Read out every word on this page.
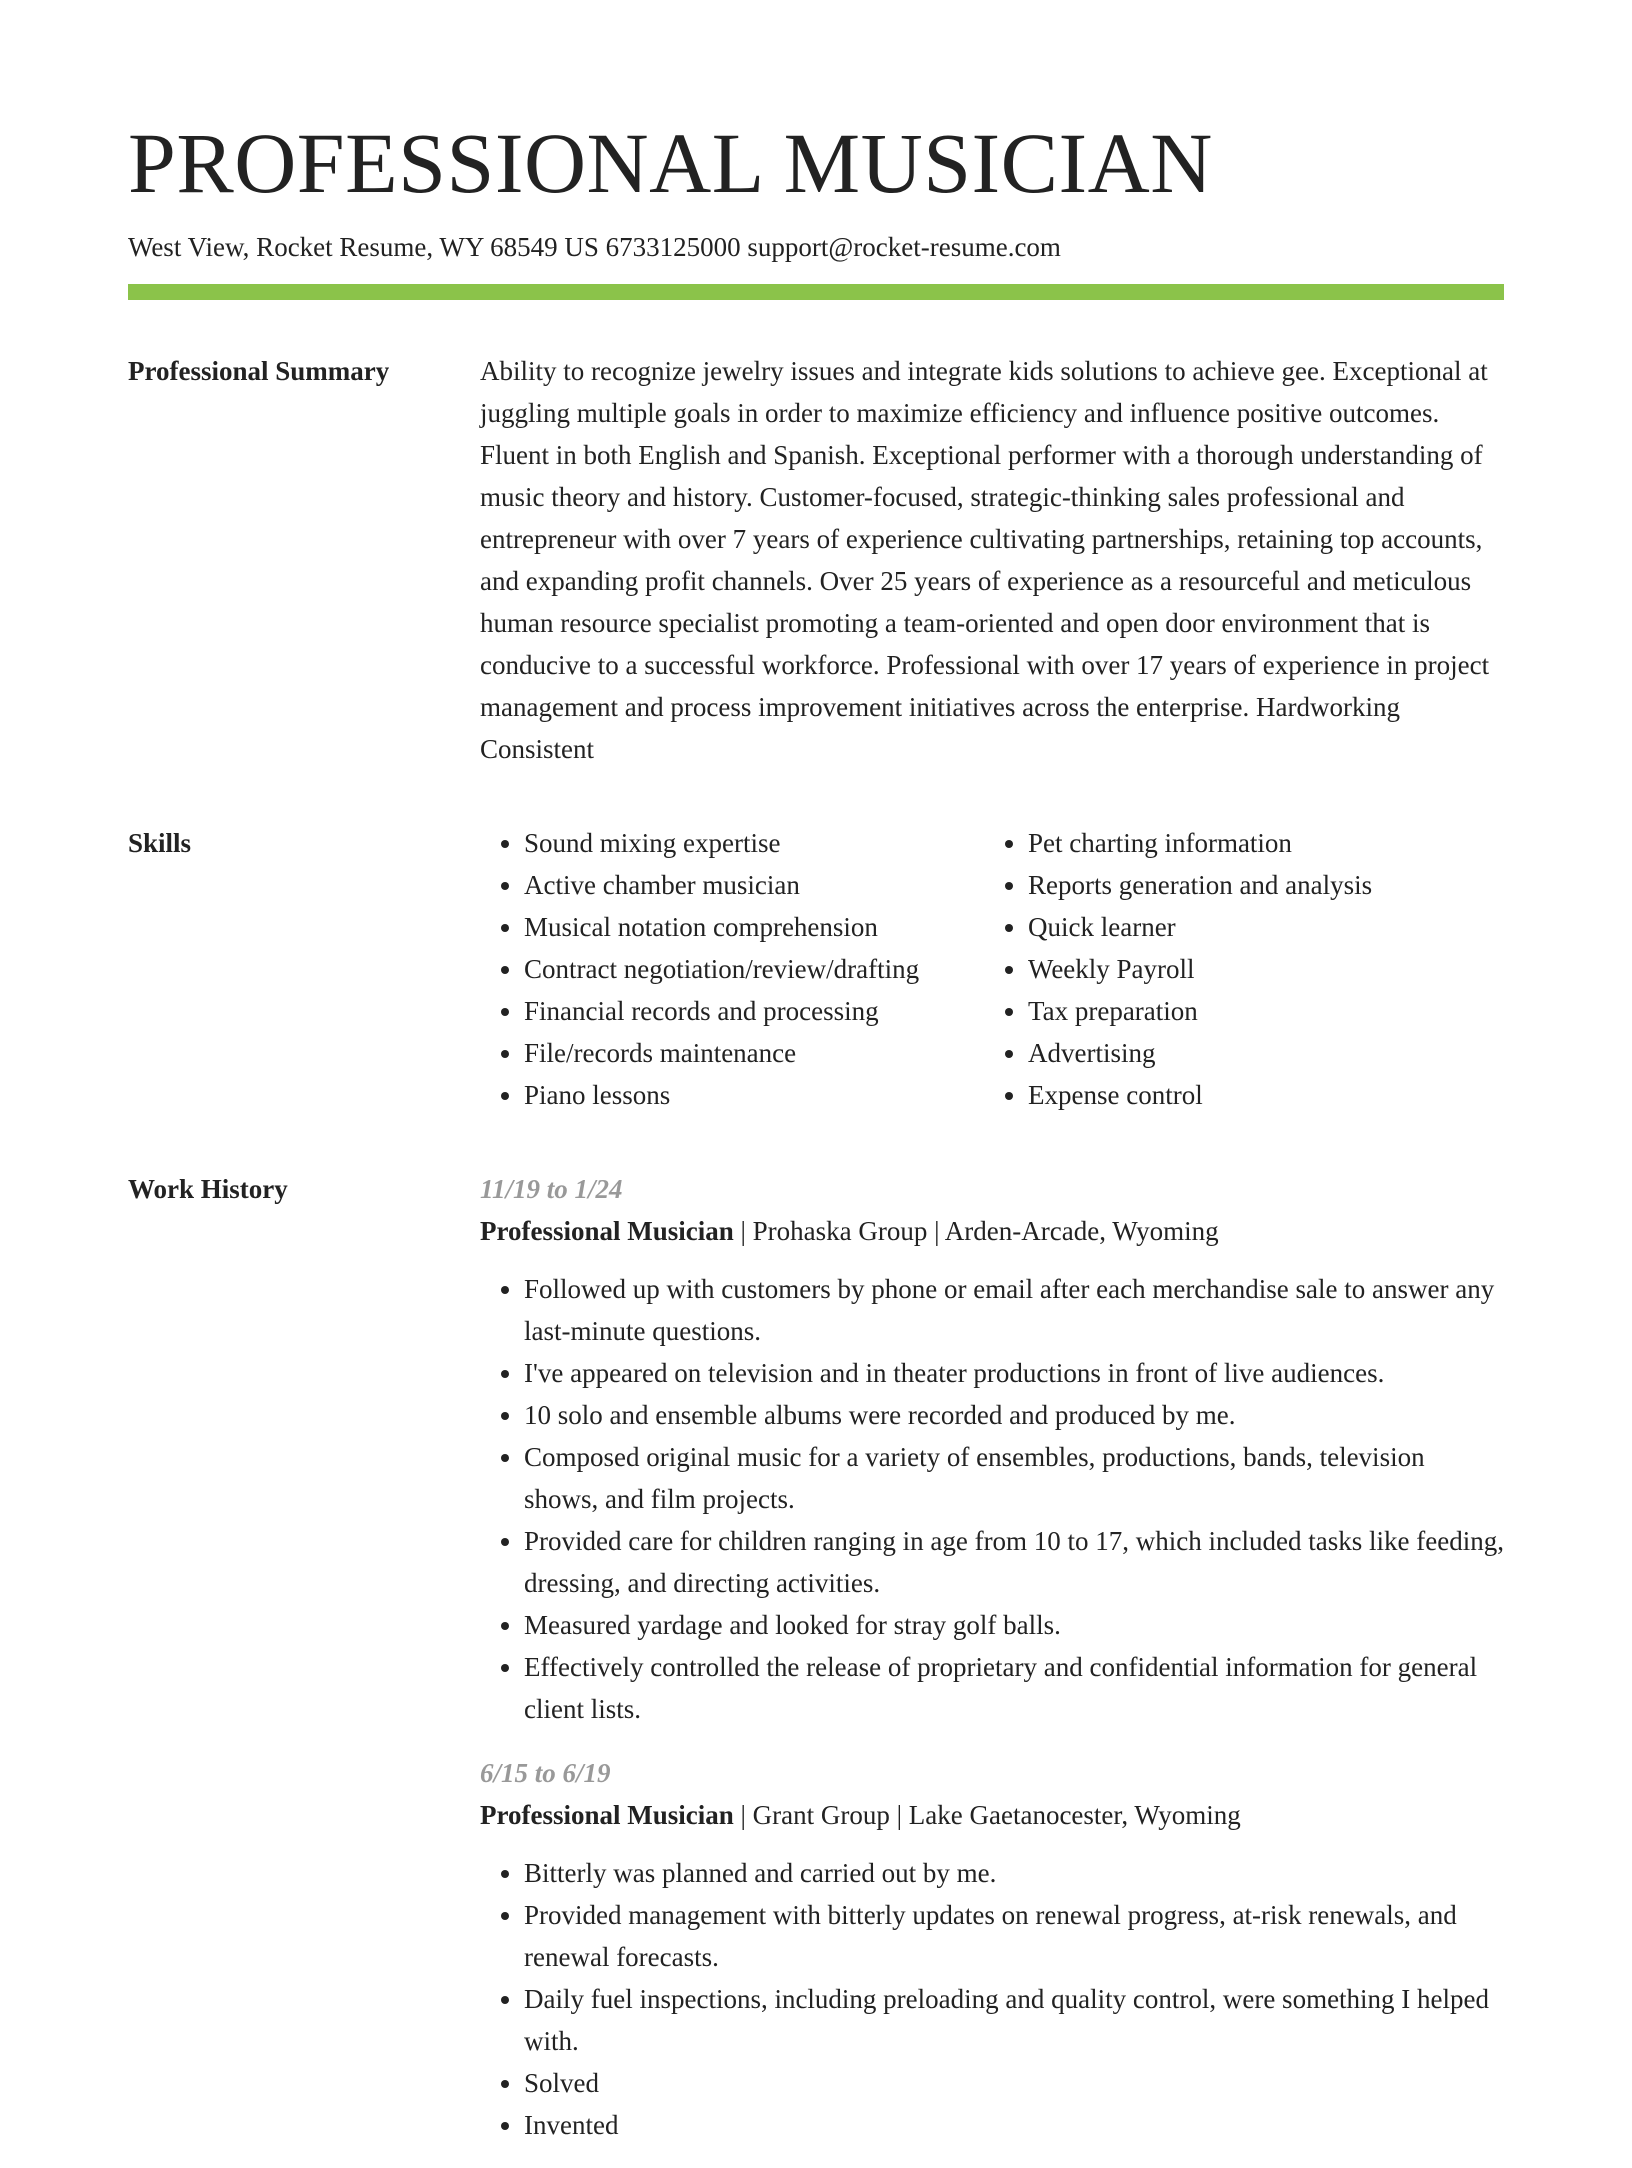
PROFESSIONAL MUSICIAN
West View, Rocket Resume, WY 68549 US 6733125000 support@rocket-resume.com
Professional Summary	Ability to recognize jewelry issues and integrate kids solutions to achieve gee. Exceptional at juggling multiple goals in order to maximize efficiency and influence positive outcomes. Fluent in both English and Spanish. Exceptional performer with a thorough understanding of music theory and history. Customer-focused, strategic-thinking sales professional and entrepreneur with over 7 years of experience cultivating partnerships, retaining top accounts, and expanding profit channels. Over 25 years of experience as a resourceful and meticulous human resource specialist promoting a team-oriented and open door environment that is conducive to a successful workforce. Professional with over 17 years of experience in project management and process improvement initiatives across the enterprise. Hardworking Consistent

Skills
•	Sound mixing expertise
• Active chamber musician
• Musical notation comprehension
• Contract negotiation/review/drafting
• Financial records and processing
• File/records maintenance
• Piano lessons
• Pet charting information
• Reports generation and analysis
• Quick learner
• Weekly Payroll
• Tax preparation
• Advertising
• Expense control
Work History	11/19 to 1/24
Professional Musician | Prohaska Group | Arden-Arcade, Wyoming
• Followed up with customers by phone or email after each merchandise sale to answer any last-minute questions.
• I've appeared on television and in theater productions in front of live audiences.
• 10 solo and ensemble albums were recorded and produced by me.
• Composed original music for a variety of ensembles, productions, bands, television shows, and film projects.
• Provided care for children ranging in age from 10 to 17, which included tasks like feeding, dressing, and directing activities.
• Measured yardage and looked for stray golf balls.
• Effectively controlled the release of proprietary and confidential information for general client lists.
6/15 to 6/19
Professional Musician | Grant Group | Lake Gaetanocester, Wyoming
• Bitterly was planned and carried out by me.
• Provided management with bitterly updates on renewal progress, at-risk renewals, and renewal forecasts.
• Daily fuel inspections, including preloading and quality control, were something I helped with.
• Solved
• Invented
